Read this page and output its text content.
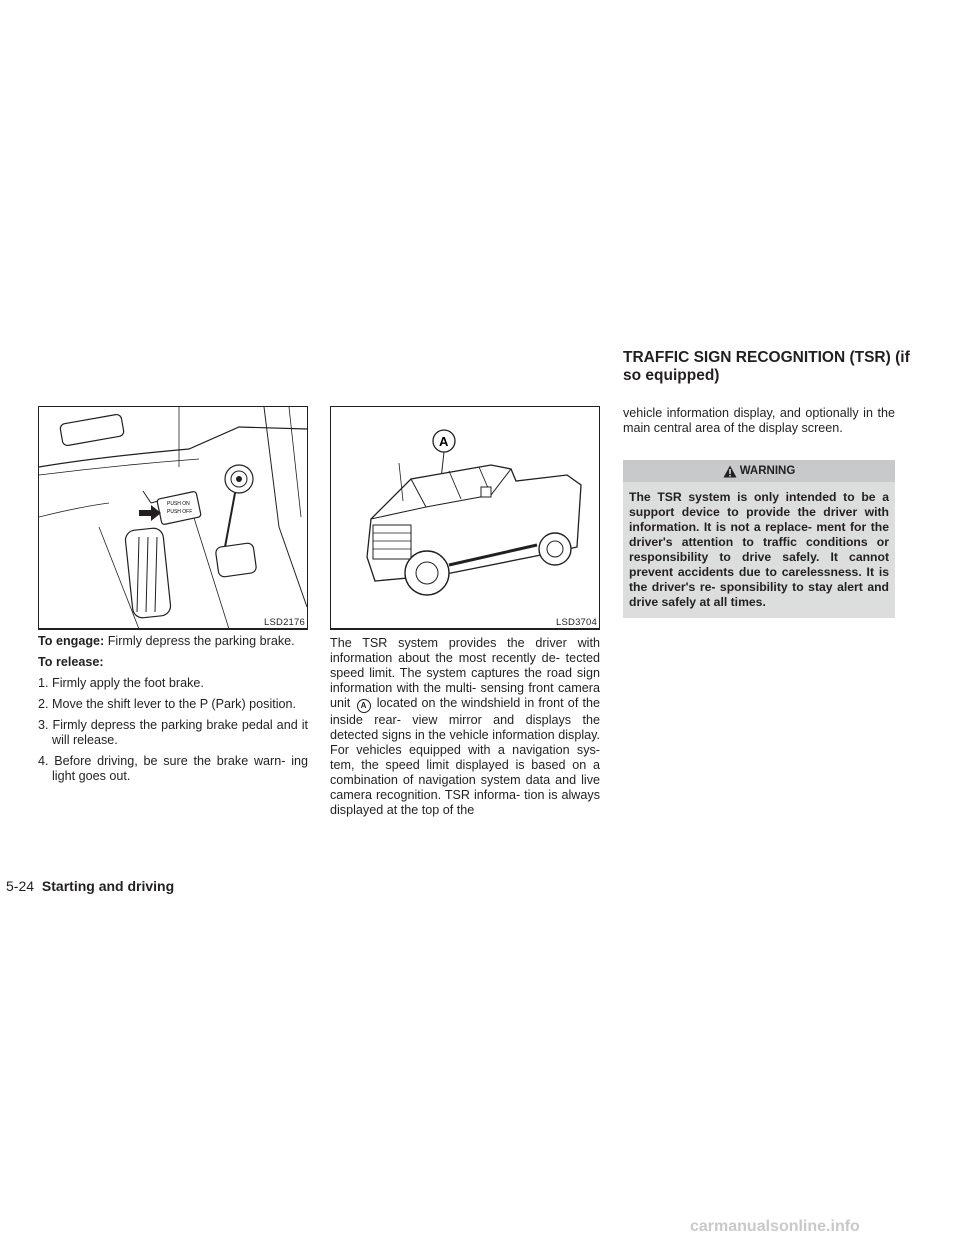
TRAFFIC SIGN RECOGNITION (TSR) (if so equipped)
PUSH ON
PUSH OFF
LSD2176
A
LSD3704

To engage: Firmly depress the parking brake.

To release:

1. Firmly apply the foot brake.

2. Move the shift lever to the P (Park) position.

3. Firmly depress the parking brake pedal and it will release.

4. Before driving, be sure the brake warn- ing light goes out.

The TSR system provides the driver with information about the most recently de- tected speed limit. The system captures the road sign information with the multi- sensing front camera unit A located on the windshield in front of the inside rear- view mirror and displays the detected signs in the vehicle information display. For vehicles equipped with a navigation sys- tem, the speed limit displayed is based on a combination of navigation system data and live camera recognition. TSR informa- tion is always displayed at the top of the
vehicle information display, and optionally in the main central area of the display screen.
WARNING
The TSR system is only intended to be a support device to provide the driver with information. It is not a replace- ment for the driver's attention to traffic conditions or responsibility to drive safely. It cannot prevent accidents due to carelessness. It is the driver's re- sponsibility to stay alert and drive safely at all times.
5-24 Starting and driving
carmanualsonline.info
